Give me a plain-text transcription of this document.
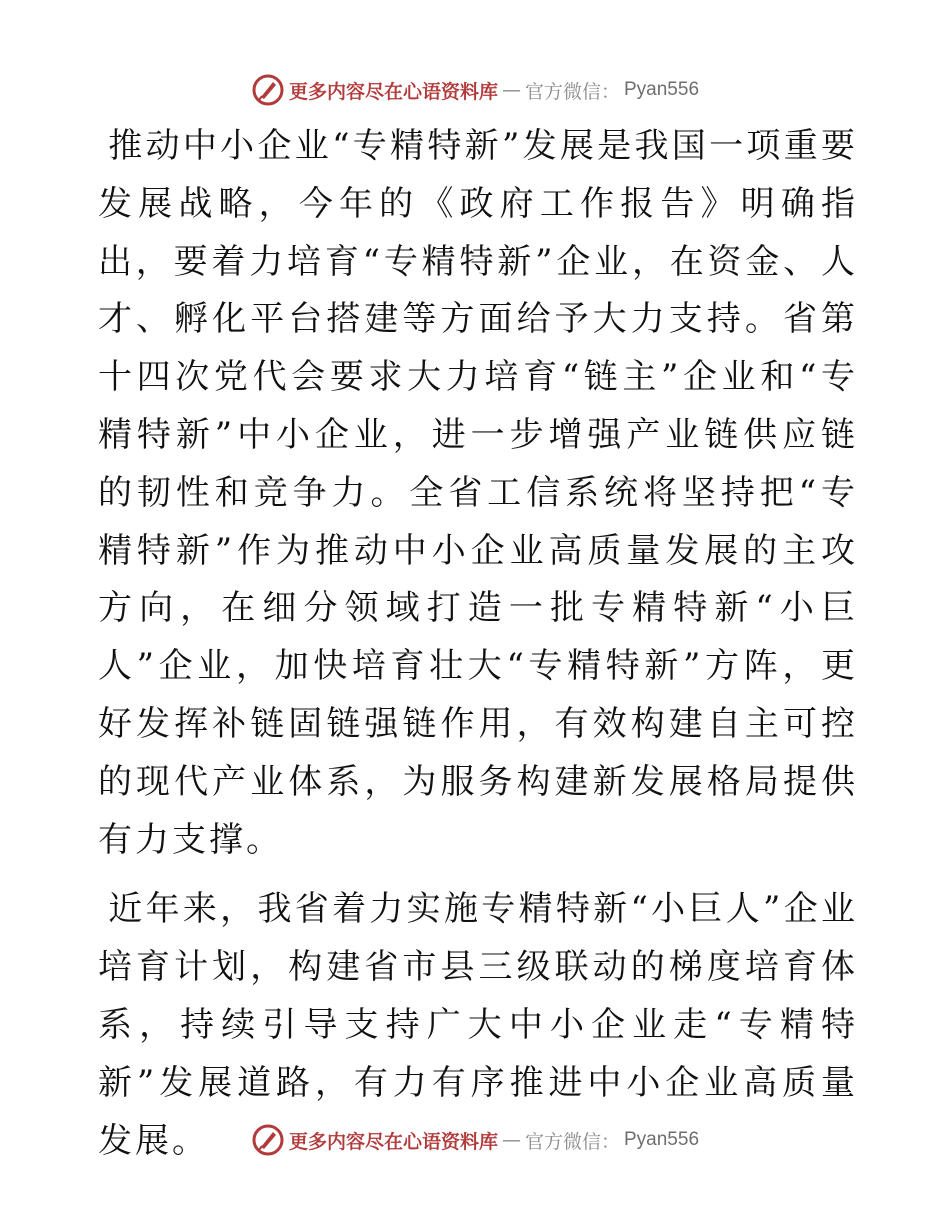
更多内容尽在心语资料库 — 官方微信： Pyan556

推动中小企业“专精特新”发展是我国一项重要发展战略，今年的《政府工作报告》明确指出，要着力培育“专精特新”企业，在资金、人才、孵化平台搭建等方面给予大力支持。省第十四次党代会要求大力培育“链主”企业和“专精特新”中小企业，进一步增强产业链供应链的韧性和竞争力。全省工信系统将坚持把“专精特新”作为推动中小企业高质量发展的主攻方向，在细分领域打造一批专精特新“小巨人”企业，加快培育壮大“专精特新”方阵，更好发挥补链固链强链作用，有效构建自主可控的现代产业体系，为服务构建新发展格局提供有力支撑。

近年来，我省着力实施专精特新“小巨人”企业培育计划，构建省市县三级联动的梯度培育体系，持续引导支持广大中小企业走“专精特新”发展道路，有力有序推进中小企业高质量发展。	更多内容尽在心语资料库 — 官方微信： Pyan556
